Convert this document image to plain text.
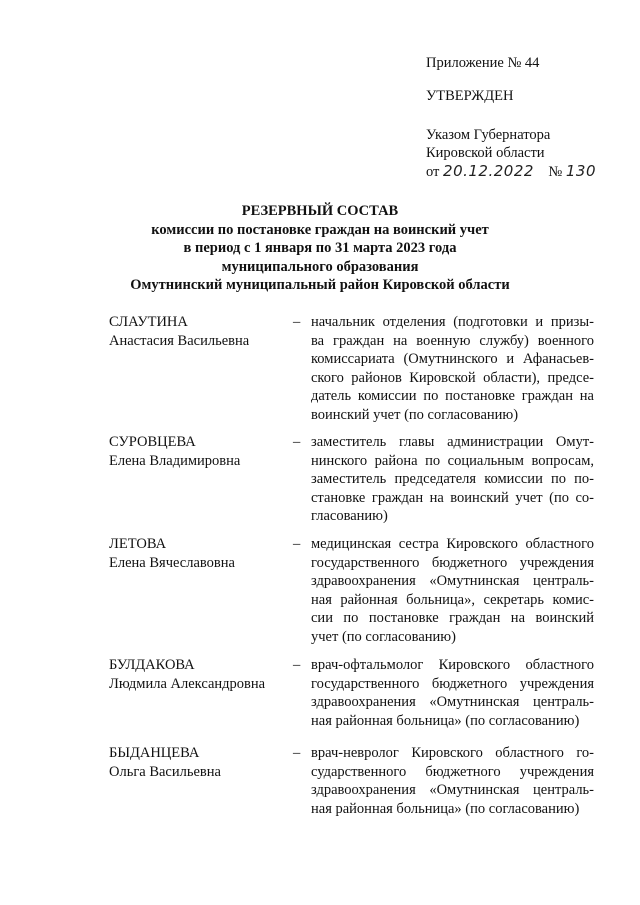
Приложение № 44
УТВЕРЖДЕН
Указом Губернатора
Кировской области
от 20.12.2022 № 130
РЕЗЕРВНЫЙ СОСТАВ
комиссии по постановке граждан на воинский учет
в период с 1 января по 31 марта 2023 года
муниципального образования
Омутнинский муниципальный район Кировской области
СЛАУТИНА
Анастасия Васильевна
– начальник отделения (подготовки и призы-
ва граждан на военную службу) военного
комиссариата (Омутнинского и Афанасьев-
ского районов Кировской области), предсе-
датель комиссии по постановке граждан на
воинский учет (по согласованию)
СУРОВЦЕВА
Елена Владимировна
– заместитель главы администрации Омут-
нинского района по социальным вопросам,
заместитель председателя комиссии по по-
становке граждан на воинский учет (по со-
гласованию)
ЛЕТОВА
Елена Вячеславовна
– медицинская сестра Кировского областного
государственного бюджетного учреждения
здравоохранения «Омутнинская централь-
ная районная больница», секретарь комис-
сии по постановке граждан на воинский
учет (по согласованию)
БУЛДАКОВА
Людмила Александровна
– врач-офтальмолог Кировского областного
государственного бюджетного учреждения
здравоохранения «Омутнинская централь-
ная районная больница» (по согласованию)
БЫДАНЦЕВА
Ольга Васильевна
– врач-невролог Кировского областного го-
сударственного бюджетного учреждения
здравоохранения «Омутнинская централь-
ная районная больница» (по согласованию)
